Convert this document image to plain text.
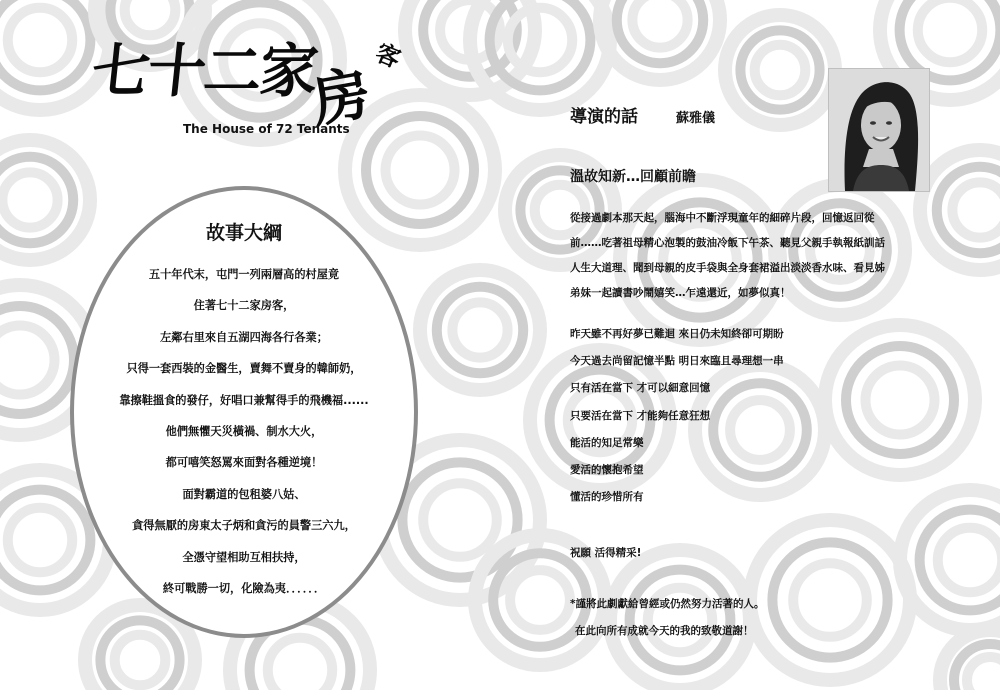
七十二家
房
客
The House of 72 Tenants
故事大綱
五十年代末，屯門一列兩層高的村屋竟
住著七十二家房客，
左鄰右里來自五湖四海各行各業；
只得一套西裝的金醫生，賣舞不賣身的韓師奶，
靠擦鞋搵食的發仔，好唱口兼幫得手的飛機福......
他們無懼天災橫禍、制水大火，
都可嘻笑怒罵來面對各種逆境！
面對霸道的包租婆八姑、
貪得無厭的房東太子炳和貪污的員警三六九，
全憑守望相助互相扶持，
終可戰勝一切，化險為夷．．．．．．
導演的話	蘇雅儀
溫故知新…回顧前瞻
從接過劇本那天起，腦海中不斷浮現童年的細碎片段，回憶返回從
前……吃著祖母精心泡製的鼓油冷飯下午茶、聽見父親手執報紙訓話
人生大道理、聞到母親的皮手袋與全身套裙溢出淡淡香水味、看見姊
弟妹一起讀書吵鬧嬉笑…乍遠還近，如夢似真！
昨天雖不再好夢已難迴 來日仍未知終卻可期盼
今天過去尚留記憶半點 明日來臨且尋理想一串
只有活在當下 才可以細意回憶
只要活在當下 才能夠任意狂想
能活的知足常樂
愛活的懷抱希望
懂活的珍惜所有
祝願 活得精采!
*謹將此劇獻給曾經或仍然努力活著的人。
在此向所有成就今天的我的致敬道謝！
